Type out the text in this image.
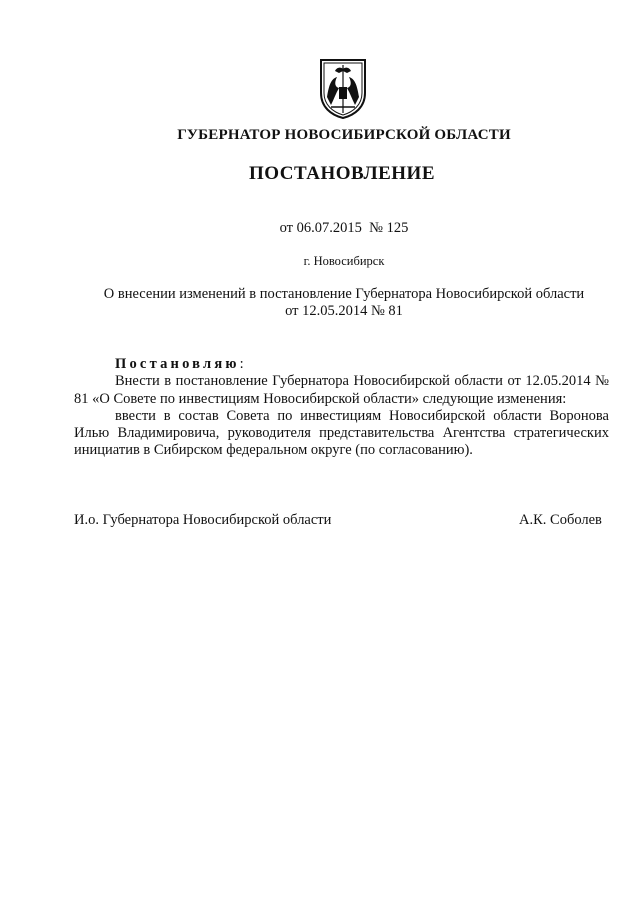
ГУБЕРНАТОР НОВОСИБИРСКОЙ ОБЛАСТИ
ПОСТАНОВЛЕНИЕ
от 06.07.2015  № 125
г. Новосибирск
О внесении изменений в постановление Губернатора Новосибирской области
от 12.05.2014 № 81
Постановляю:
Внести в постановление Губернатора Новосибирской области от 12.05.2014 № 81 «О Совете по инвестициям Новосибирской области» следующие изменения:
ввести в состав Совета по инвестициям Новосибирской области Воронова Илью Владимировича, руководителя представительства Агентства стратегических инициатив в Сибирском федеральном округе (по согласованию).
И.о. Губернатора Новосибирской области	А.К. Соболев
